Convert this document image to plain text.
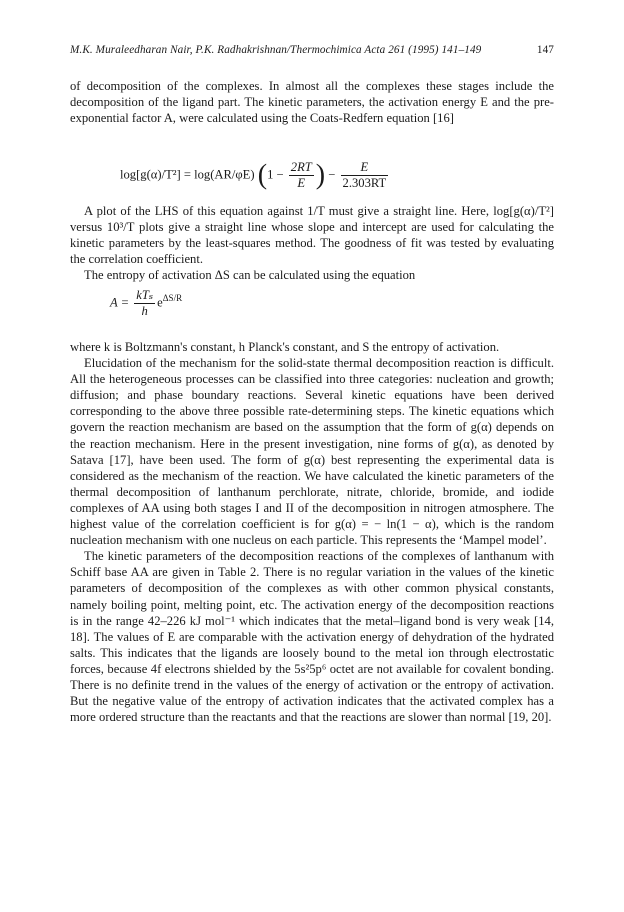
M.K. Muraleedharan Nair, P.K. Radhakrishnan/Thermochimica Acta 261 (1995) 141–149	147

of decomposition of the complexes. In almost all the complexes these stages include the decomposition of the ligand part. The kinetic parameters, the activation energy E and the pre-exponential factor A, were calculated using the Coats-Redfern equation [16]

log[g(α)/T²] = log(AR/φE) ($1 - \frac{2RT}{E}$ ) − $\frac{E}{2.303RT}$

A plot of the LHS of this equation against 1/T must give a straight line. Here, log[g(α)/T²] versus 10³/T plots give a straight line whose slope and intercept are used for calculating the kinetic parameters by the least-squares method. The goodness of fit was tested by evaluating the correlation coefficient.

The entropy of activation ΔS can be calculated using the equation

$A = \frac{\text{kTₛ}}{h} e^{\Delta S/R}$

where k is Boltzmann's constant, h Planck's constant, and S the entropy of activation.

Elucidation of the mechanism for the solid-state thermal decomposition reaction is difficult. All the heterogeneous processes can be classified into three categories: nucleation and growth; diffusion; and phase boundary reactions. Several kinetic equations have been derived corresponding to the above three possible rate-determining steps. The kinetic equations which govern the reaction mechanism are based on the assumption that the form of g(α) depends on the reaction mechanism. Here in the present investigation, nine forms of g(α), as denoted by Satava [17], have been used. The form of g(α) best representing the experimental data is considered as the mechanism of the reaction. We have calculated the kinetic parameters of the thermal decomposition of lanthanum perchlorate, nitrate, chloride, bromide, and iodide complexes of AA using both stages I and II of the decomposition in nitrogen atmosphere. The highest value of the correlation coefficient is for g(α) = − ln(1 − α), which is the random nucleation mechanism with one nucleus on each particle. This represents the ‘Mampel model’.

The kinetic parameters of the decomposition reactions of the complexes of lanthanum with Schiff base AA are given in Table 2. There is no regular variation in the values of the kinetic parameters of decomposition of the complexes as with other common physical constants, namely boiling point, melting point, etc. The activation energy of the decomposition reactions is in the range 42–226 kJ mol⁻¹ which indicates that the metal–ligand bond is very weak [14, 18]. The values of E are comparable with the activation energy of dehydration of the hydrated salts. This indicates that the ligands are loosely bound to the metal ion through electrostatic forces, because 4f electrons shielded by the 5s²5p⁶ octet are not available for covalent bonding. There is no definite trend in the values of the energy of activation or the entropy of activation. But the negative value of the entropy of activation indicates that the activated complex has a more ordered structure than the reactants and that the reactions are slower than normal [19, 20].
